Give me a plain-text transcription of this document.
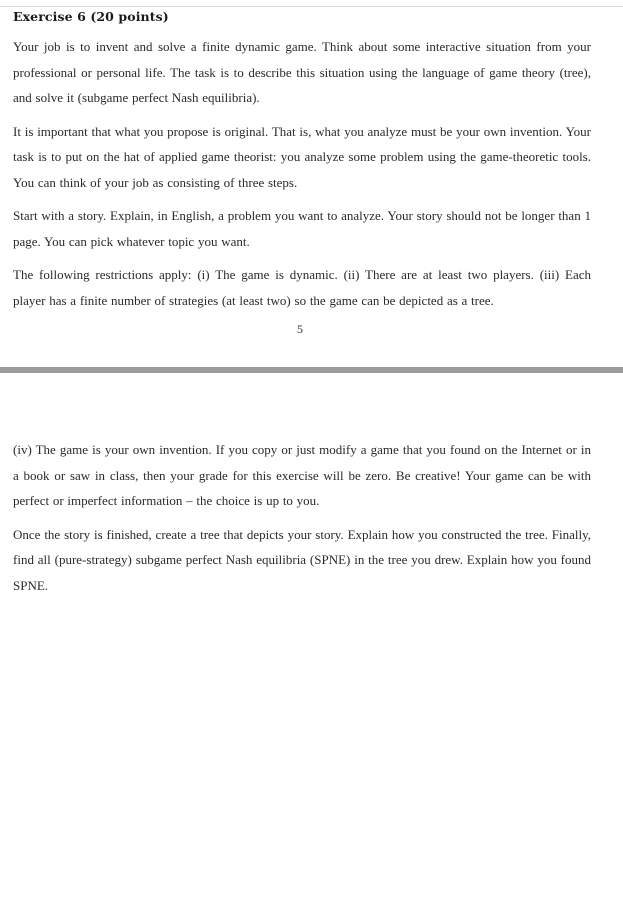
Exercise 6 (20 points)

Your job is to invent and solve a finite dynamic game. Think about some interactive situation from your professional or personal life. The task is to describe this situation using the language of game theory (tree), and solve it (subgame perfect Nash equilibria).

It is important that what you propose is original. That is, what you analyze must be your own invention. Your task is to put on the hat of applied game theorist: you analyze some problem using the game-theoretic tools. You can think of your job as consisting of three steps.

Start with a story. Explain, in English, a problem you want to analyze. Your story should not be longer than 1 page. You can pick whatever topic you want.

The following restrictions apply: (i) The game is dynamic. (ii) There are at least two players. (iii) Each player has a finite number of strategies (at least two) so the game can be depicted as a tree.

5

(iv) The game is your own invention. If you copy or just modify a game that you found on the Internet or in a book or saw in class, then your grade for this exercise will be zero. Be creative! Your game can be with perfect or imperfect information – the choice is up to you.

Once the story is finished, create a tree that depicts your story. Explain how you constructed the tree. Finally, find all (pure-strategy) subgame perfect Nash equilibria (SPNE) in the tree you drew. Explain how you found SPNE.
